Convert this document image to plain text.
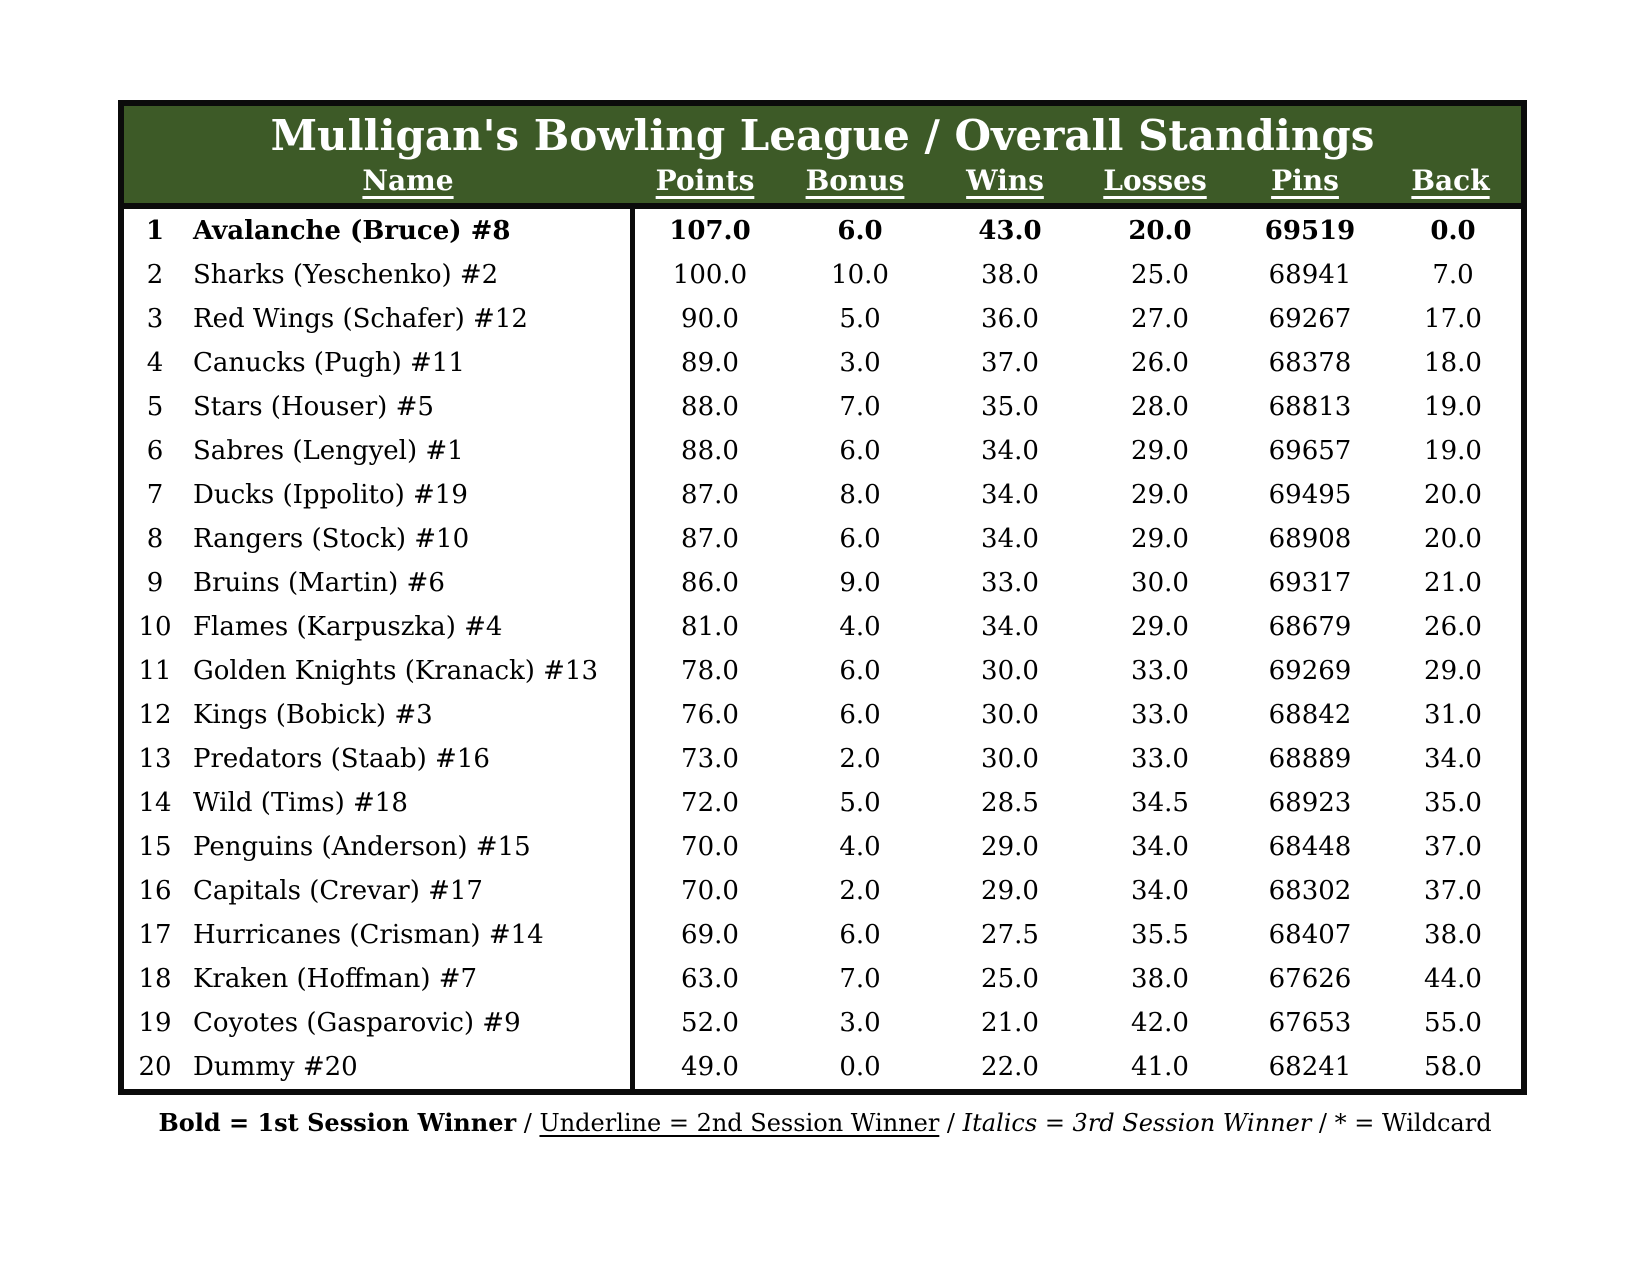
Mulligan's Bowling League / Overall Standings
Name	Points	Bonus	Wins	Losses	Pins	Back
1	Avalanche (Bruce) #8	107.0	6.0	43.0	20.0	69519	0.0
2	Sharks (Yeschenko) #2	100.0	10.0	38.0	25.0	68941	7.0
3	Red Wings (Schafer) #12	90.0	5.0	36.0	27.0	69267	17.0
4	Canucks (Pugh) #11	89.0	3.0	37.0	26.0	68378	18.0
5	Stars (Houser) #5	88.0	7.0	35.0	28.0	68813	19.0
6	Sabres (Lengyel) #1	88.0	6.0	34.0	29.0	69657	19.0
7	Ducks (Ippolito) #19	87.0	8.0	34.0	29.0	69495	20.0
8	Rangers (Stock) #10	87.0	6.0	34.0	29.0	68908	20.0
9	Bruins (Martin) #6	86.0	9.0	33.0	30.0	69317	21.0
10 Flames (Karpuszka) #4	81.0	4.0	34.0	29.0	68679	26.0
11 Golden Knights (Kranack) #13	78.0	6.0	30.0	33.0	69269	29.0
12 Kings (Bobick) #3	76.0	6.0	30.0	33.0	68842	31.0
13 Predators (Staab) #16	73.0	2.0	30.0	33.0	68889	34.0
14 Wild (Tims) #18	72.0	5.0	28.5	34.5	68923	35.0
15 Penguins (Anderson) #15	70.0	4.0	29.0	34.0	68448	37.0
16 Capitals (Crevar) #17	70.0	2.0	29.0	34.0	68302	37.0
17 Hurricanes (Crisman) #14	69.0	6.0	27.5	35.5	68407	38.0
18 Kraken (Hoffman) #7	63.0	7.0	25.0	38.0	67626	44.0
19 Coyotes (Gasparovic) #9	52.0	3.0	21.0	42.0	67653	55.0
20 Dummy #20	49.0	0.0	22.0	41.0	68241	58.0
Bold = 1st Session Winner / Underline = 2nd Session Winner / Italics = 3rd Session Winner / * = Wildcard
